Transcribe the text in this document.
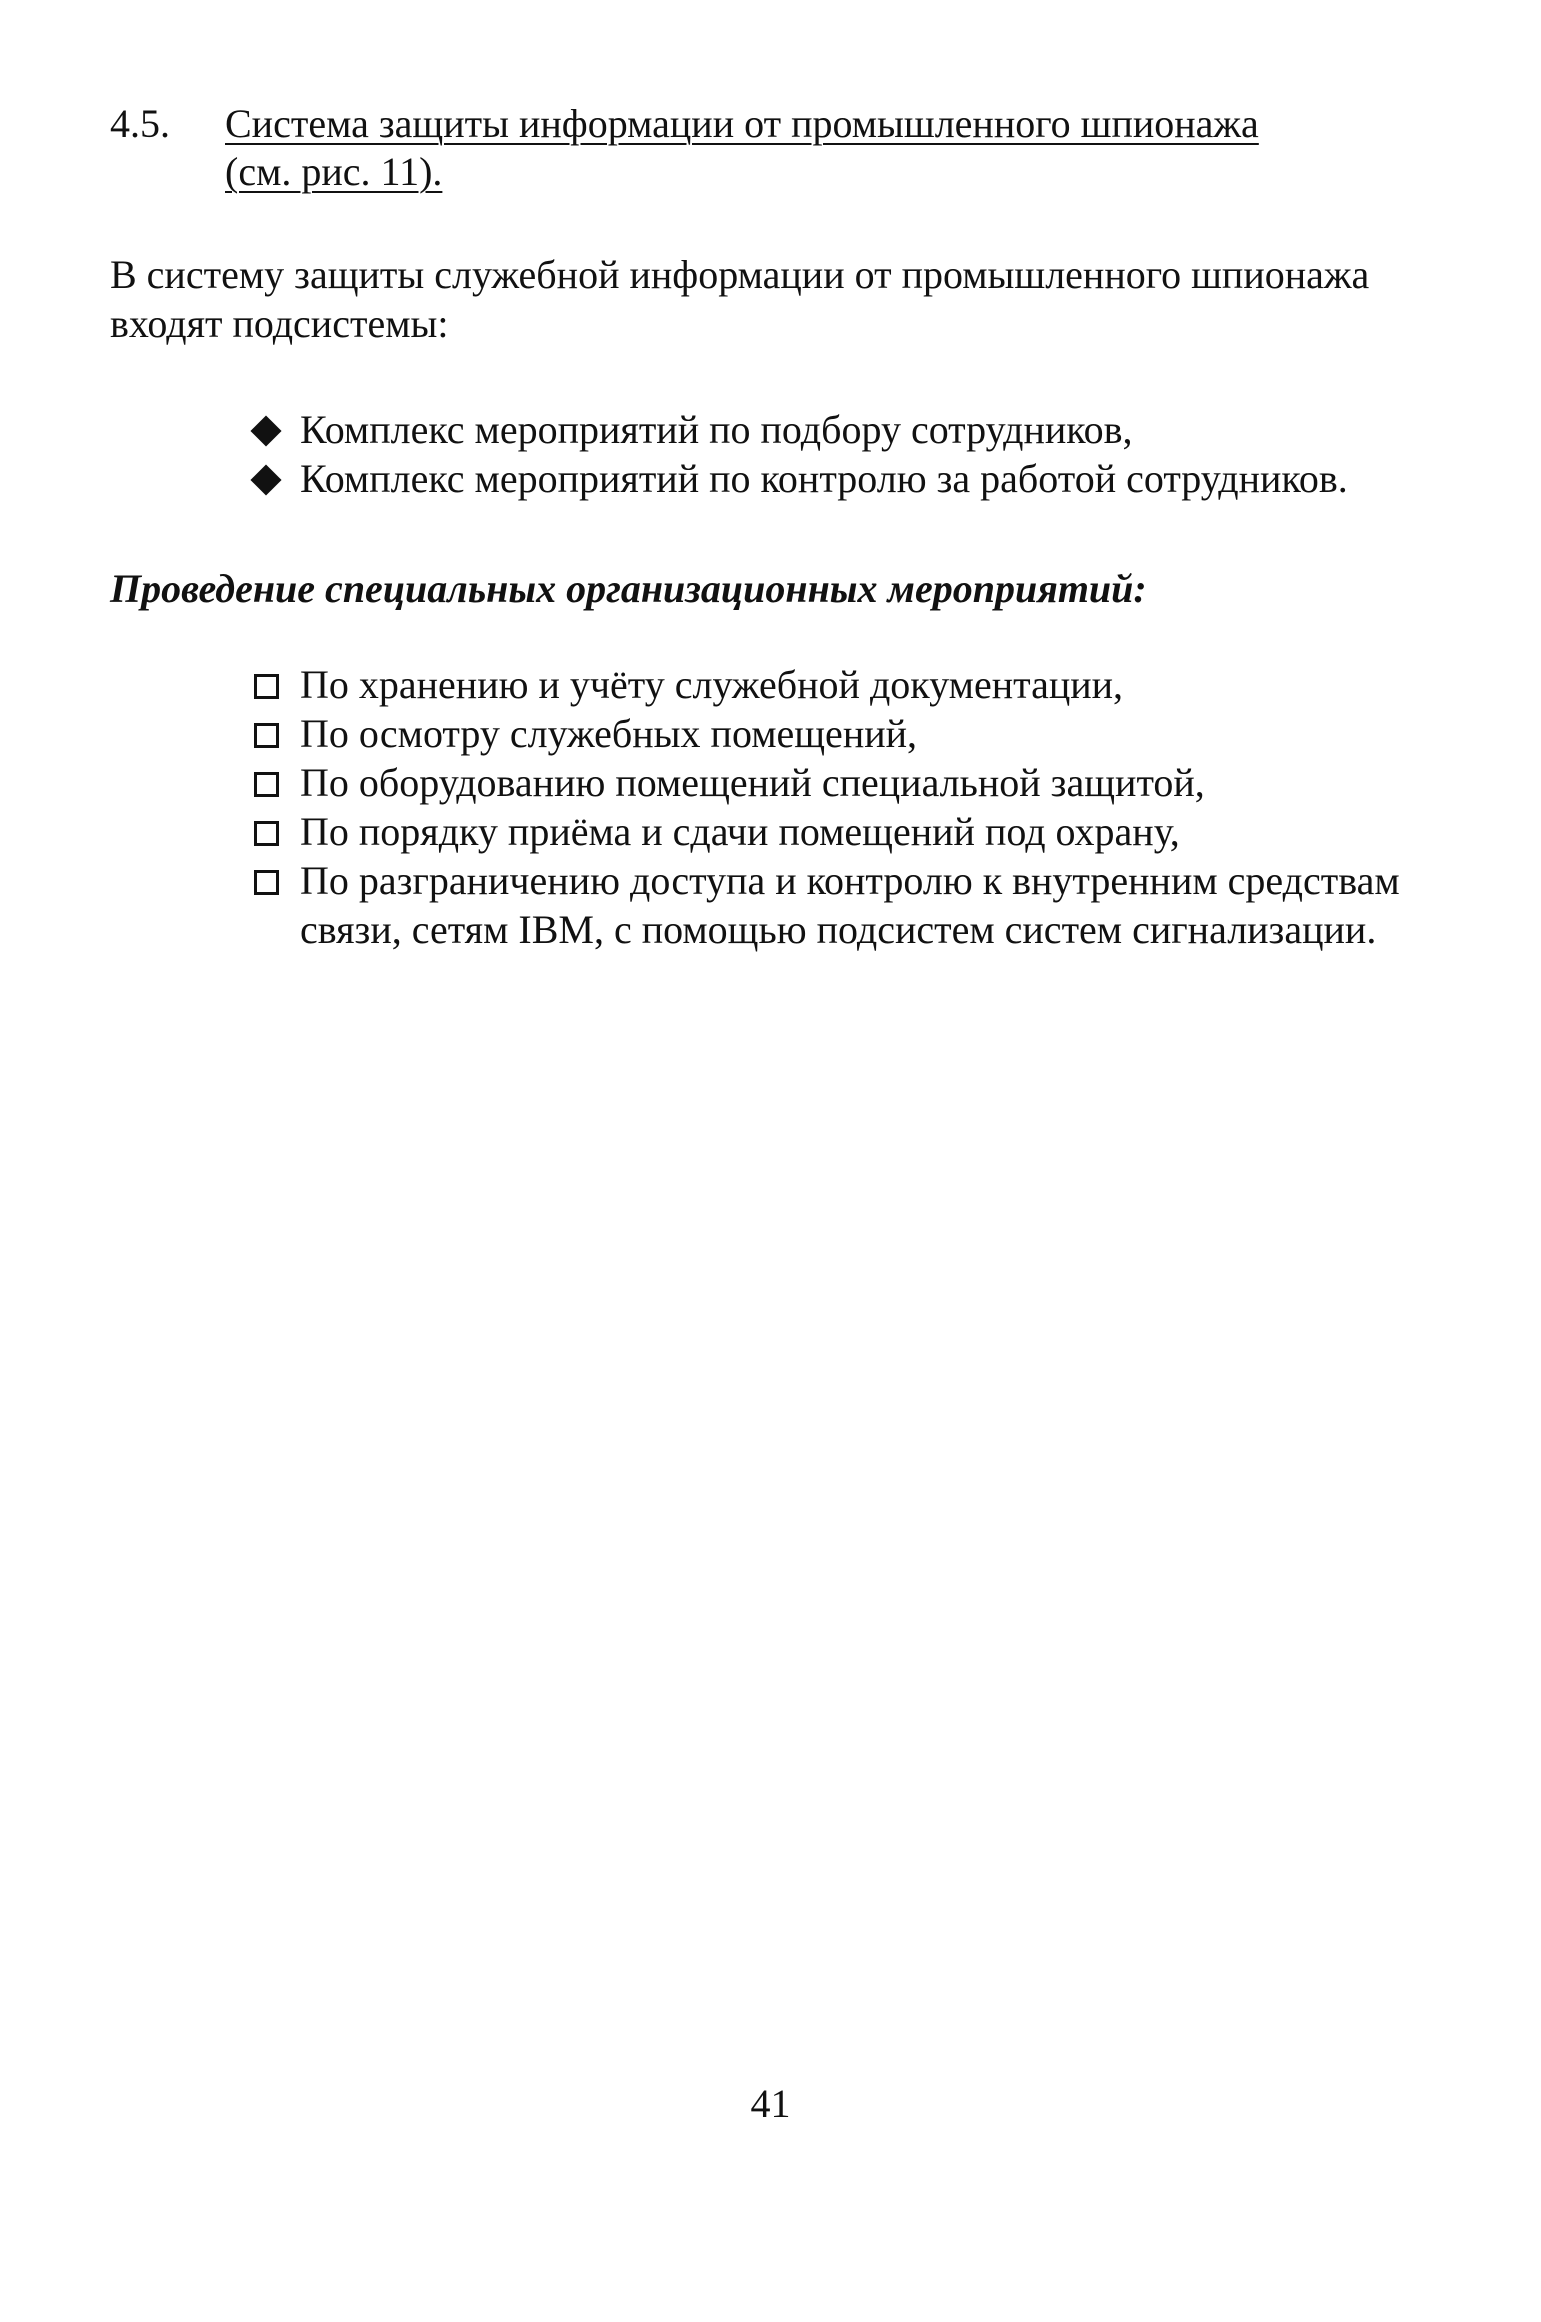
4.5. Система защиты информации от промышленного шпионажа
(см. рис. 11).

В систему защиты служебной информации от промышленного шпионажа входят подсистемы:

Комплекс мероприятий по подбору сотрудников,
Комплекс мероприятий по контролю за работой сотрудников.
Проведение специальных организационных мероприятий:
По хранению и учёту служебной документации,
По осмотру служебных помещений,
По оборудованию помещений специальной защитой,
По порядку приёма и сдачи помещений под охрану,
По разграничению доступа и контролю к внутренним средствам связи, сетям IBM, с помощью подсистем систем сигнализации.
41
